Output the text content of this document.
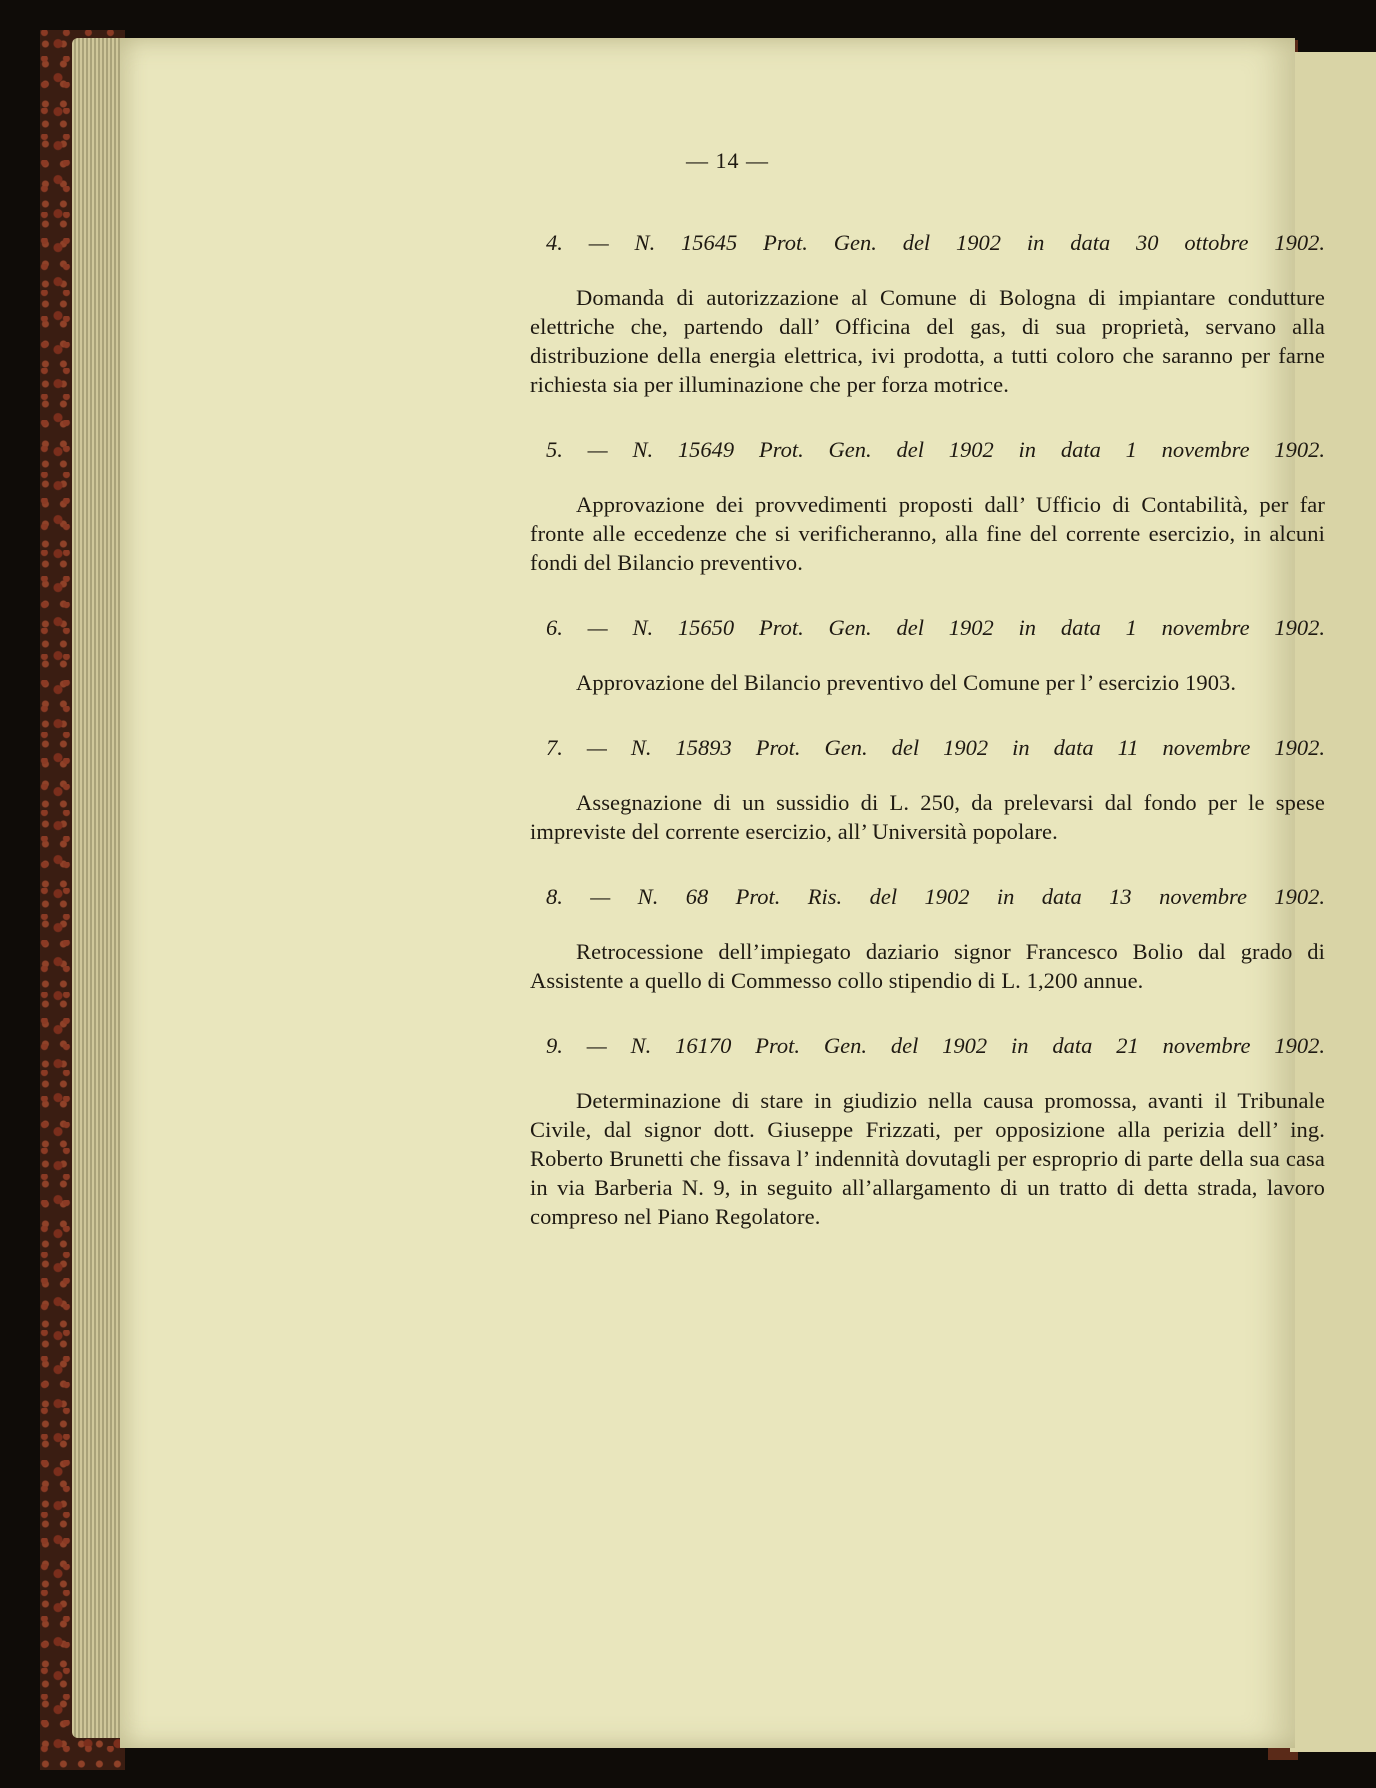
— 14 —

4. — N. 15645 Prot. Gen. del 1902 in data 30 ottobre 1902.

Domanda di autorizzazione al Comune di Bologna di impiantare condutture elettriche che, partendo dall’ Officina del gas, di sua proprietà, servano alla distribuzione della energia elettrica, ivi prodotta, a tutti coloro che saranno per farne richiesta sia per illuminazione che per forza motrice.

5. — N. 15649 Prot. Gen. del 1902 in data 1 novembre 1902.

Approvazione dei provvedimenti proposti dall’ Ufficio di Contabilità, per far fronte alle eccedenze che si verificheranno, alla fine del corrente esercizio, in alcuni fondi del Bilancio preventivo.

6. — N. 15650 Prot. Gen. del 1902 in data 1 novembre 1902.

Approvazione del Bilancio preventivo del Comune per l’ esercizio 1903.

7. — N. 15893 Prot. Gen. del 1902 in data 11 novembre 1902.

Assegnazione di un sussidio di L. 250, da prelevarsi dal fondo per le spese impreviste del corrente esercizio, all’ Università popolare.

8. — N. 68 Prot. Ris. del 1902 in data 13 novembre 1902.

Retrocessione dell’impiegato daziario signor Francesco Bolio dal grado di Assistente a quello di Commesso collo stipendio di L. 1,200 annue.

9. — N. 16170 Prot. Gen. del 1902 in data 21 novembre 1902.

Determinazione di stare in giudizio nella causa promossa, avanti il Tribunale Civile, dal signor dott. Giuseppe Frizzati, per opposizione alla perizia dell’ ing. Roberto Brunetti che fissava l’ indennità dovutagli per esproprio di parte della sua casa in via Barberia N. 9, in seguito all’allargamento di un tratto di detta strada, lavoro compreso nel Piano Regolatore.
